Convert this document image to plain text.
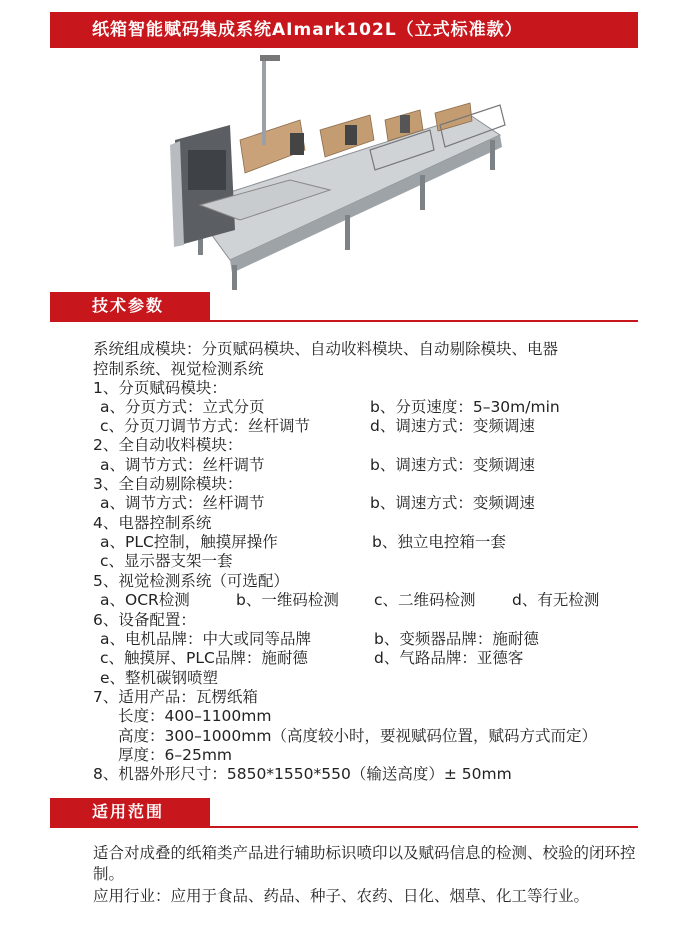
纸箱智能赋码集成系统AImark102L（立式标准款）
技术参数
系统组成模块：分页赋码模块、自动收料模块、自动剔除模块、电器
控制系统、视觉检测系统
1、分页赋码模块：
a、分页方式：立式分页	b、分页速度：5–30m/min
c、分页刀调节方式：丝杆调节	d、调速方式：变频调速
2、全自动收料模块：
a、调节方式：丝杆调节	b、调速方式：变频调速
3、全自动剔除模块：
a、调节方式：丝杆调节	b、调速方式：变频调速
4、电器控制系统
a、PLC控制，触摸屏操作	b、独立电控箱一套
c、显示器支架一套
5、视觉检测系统（可选配）
a、OCR检测	b、一维码检测 c、二维码检测 d、有无检测
6、设备配置：
a、电机品牌：中大或同等品牌	b、变频器品牌：施耐德
c、触摸屏、PLC品牌：施耐德	d、气路品牌：亚德客
e、整机碳钢喷塑
7、适用产品：瓦楞纸箱
长度：400–1100mm
高度：300–1000mm（高度较小时，要视赋码位置，赋码方式而定）
厚度：6–25mm
8、机器外形尺寸：5850*1550*550（输送高度）± 50mm
适用范围
适合对成叠的纸箱类产品进行辅助标识喷印以及赋码信息的检测、校验的闭环控制。
应用行业：应用于食品、药品、种子、农药、日化、烟草、化工等行业。
